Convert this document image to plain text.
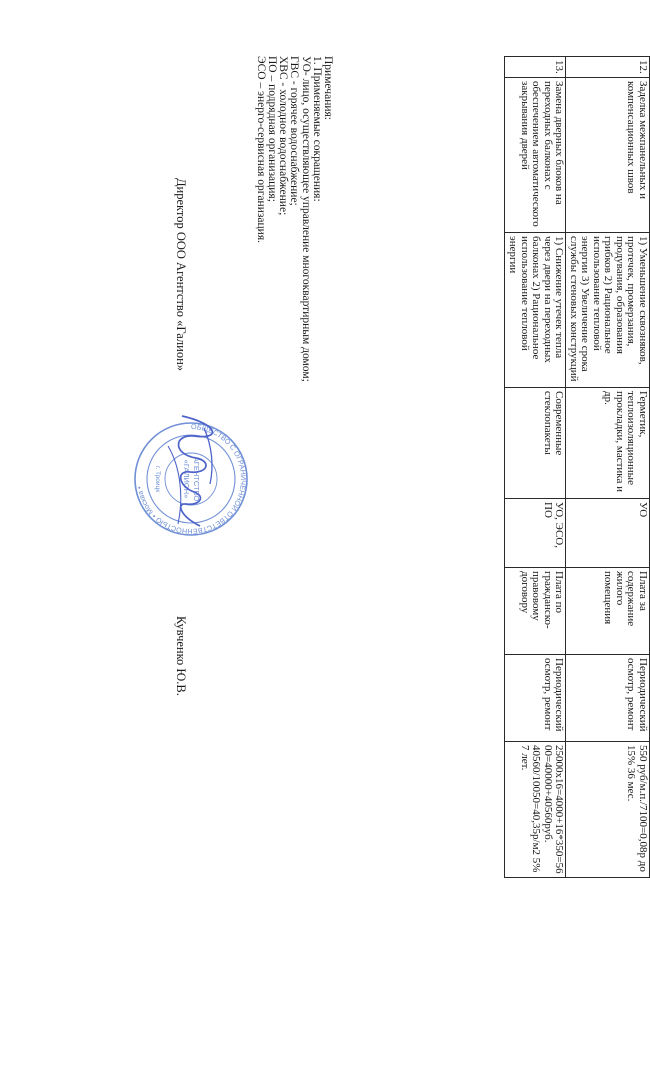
12.	Заделка межпанельных и компенсационных швов	1) Уменьшение сквозняков, протечек, промерзания, продувания, образования грибков 2) Рациональное использование тепловой энергии 3) Увеличение срока службы стеновых конструкций	Герметик, теплоизоляционные прокладки, мастика и др.	УО	Плата за содержание жилого помещения	Периодический осмотр, ремонт	550 руб/м.п./7100=0,08р до 15% 36 мес.
13.	Замена дверных блоков на переходных балконах с обеспечением автоматического закрывания дверей	1) Снижение утечек тепла через двери на переходных балконах 2) Рациональное использование тепловой энергии	Современные стеклопакеты	УО, ЭСО, ПО	Плата по гражданско-правовому договору	Периодический осмотр, ремонт	25000х16=4000+16*350=56 00=40000+40560руб. 40560/10050=40,35р/м2 5% 7 лет.
Примечания:
1. Применяемые сокращения:
УО- лицо, осуществляющее управление многоквартирным домом;
ГВС - горячее водоснабжение;
ХВС - холодное водоснабжение;
ПО – подрядная организация;
ЭСО – энерго-сервисная организация.
Директор ООО Агентство «Галион»
Кувченко Ю.В.
ОБЩЕСТВО С ОГРАНИЧЕННОЙ ОТВЕТСТВЕННОСТЬЮ • Москва •	АГЕНТСТВО
«ГАЛИОН»
г. Троицк
